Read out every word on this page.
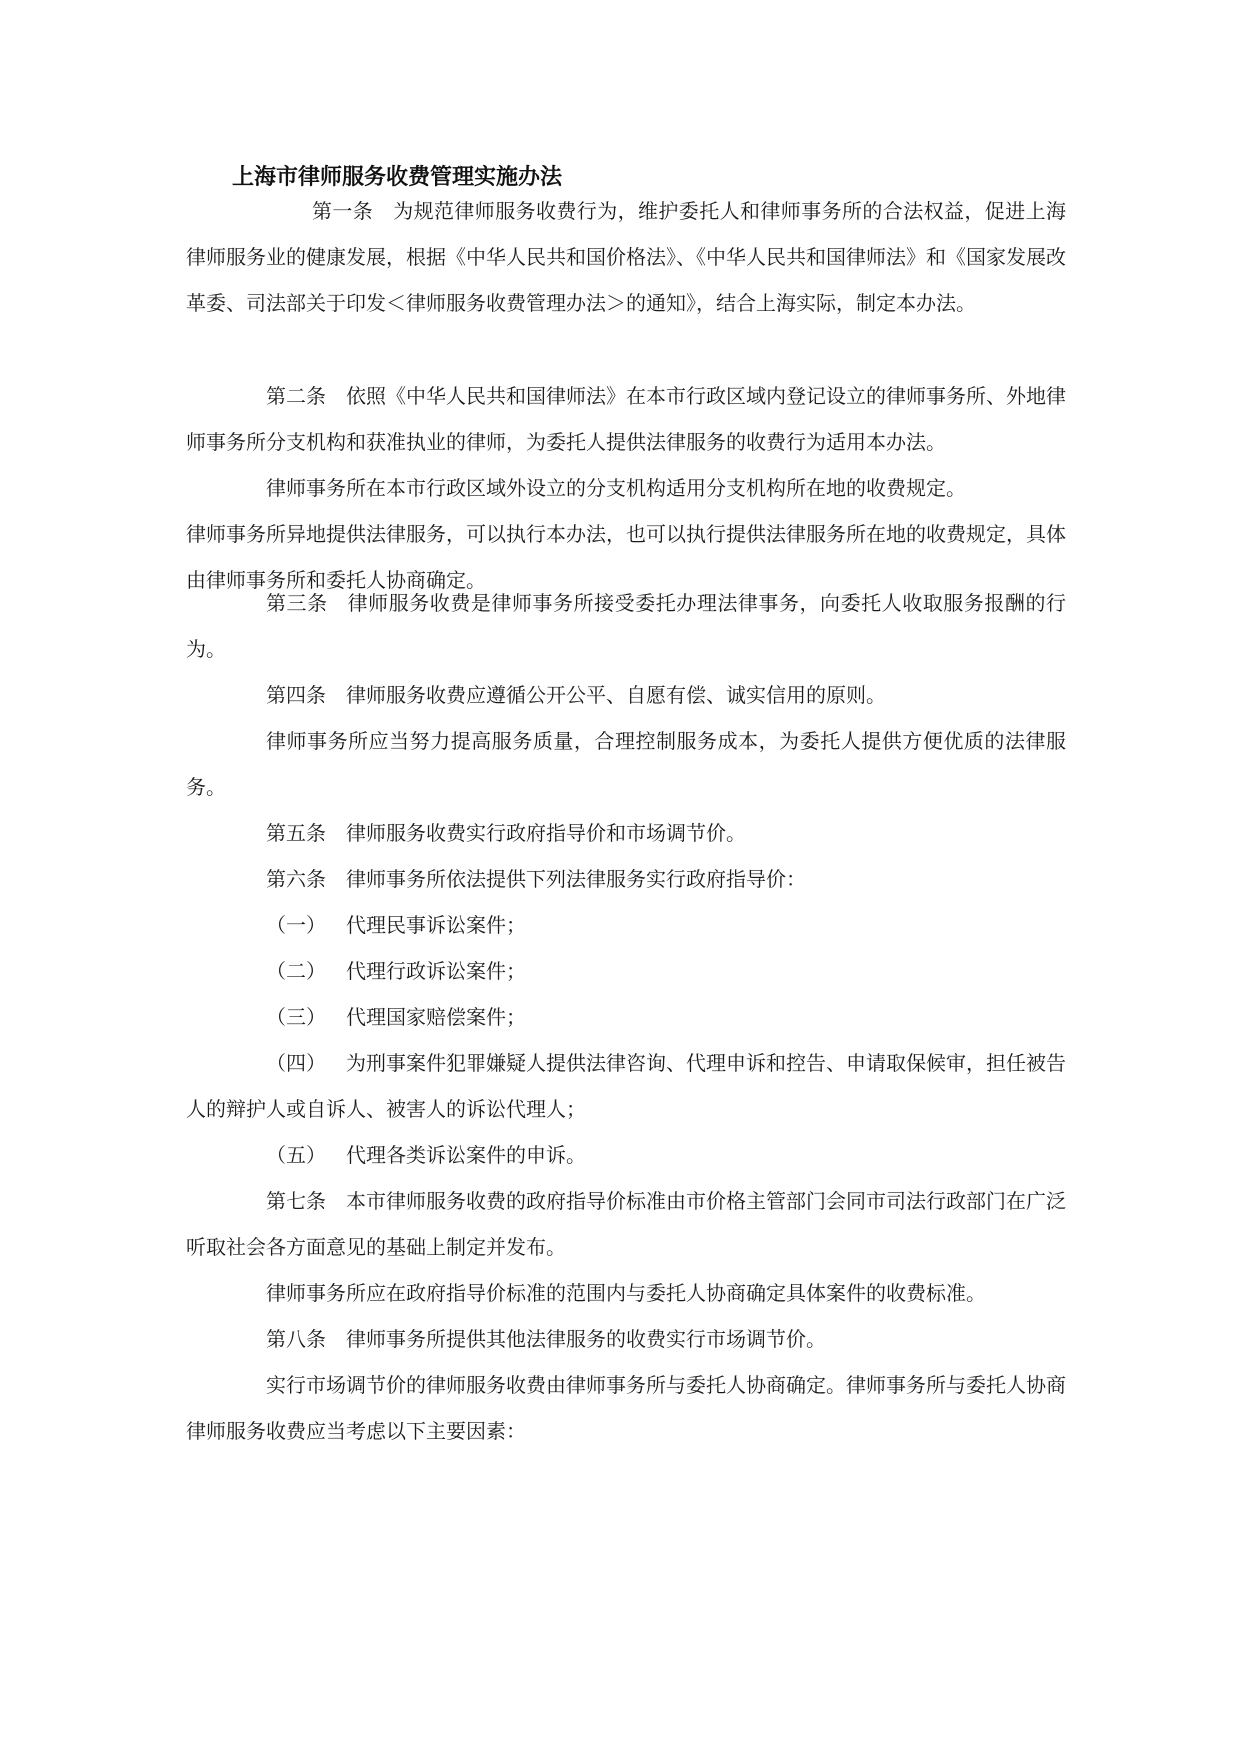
上海市律师服务收费管理实施办法

第一条 为规范律师服务收费行为，维护委托人和律师事务所的合法权益，促进上海律师服务业的健康发展，根据《中华人民共和国价格法》、《中华人民共和国律师法》和《国家发展改革委、司法部关于印发＜律师服务收费管理办法＞的通知》，结合上海实际，制定本办法。

第二条 依照《中华人民共和国律师法》在本市行政区域内登记设立的律师事务所、外地律师事务所分支机构和获准执业的律师，为委托人提供法律服务的收费行为适用本办法。

律师事务所在本市行政区域外设立的分支机构适用分支机构所在地的收费规定。

律师事务所异地提供法律服务，可以执行本办法，也可以执行提供法律服务所在地的收费规定，具体由律师事务所和委托人协商确定。

第三条 律师服务收费是律师事务所接受委托办理法律事务，向委托人收取服务报酬的行为。

第四条 律师服务收费应遵循公开公平、自愿有偿、诚实信用的原则。

律师事务所应当努力提高服务质量，合理控制服务成本，为委托人提供方便优质的法律服务。

第五条 律师服务收费实行政府指导价和市场调节价。

第六条 律师事务所依法提供下列法律服务实行政府指导价：

（一） 代理民事诉讼案件；

（二） 代理行政诉讼案件；

（三） 代理国家赔偿案件；

（四） 为刑事案件犯罪嫌疑人提供法律咨询、代理申诉和控告、申请取保候审，担任被告人的辩护人或自诉人、被害人的诉讼代理人；

（五） 代理各类诉讼案件的申诉。

第七条 本市律师服务收费的政府指导价标准由市价格主管部门会同市司法行政部门在广泛听取社会各方面意见的基础上制定并发布。

律师事务所应在政府指导价标准的范围内与委托人协商确定具体案件的收费标准。

第八条 律师事务所提供其他法律服务的收费实行市场调节价。

实行市场调节价的律师服务收费由律师事务所与委托人协商确定。律师事务所与委托人协商律师服务收费应当考虑以下主要因素：
